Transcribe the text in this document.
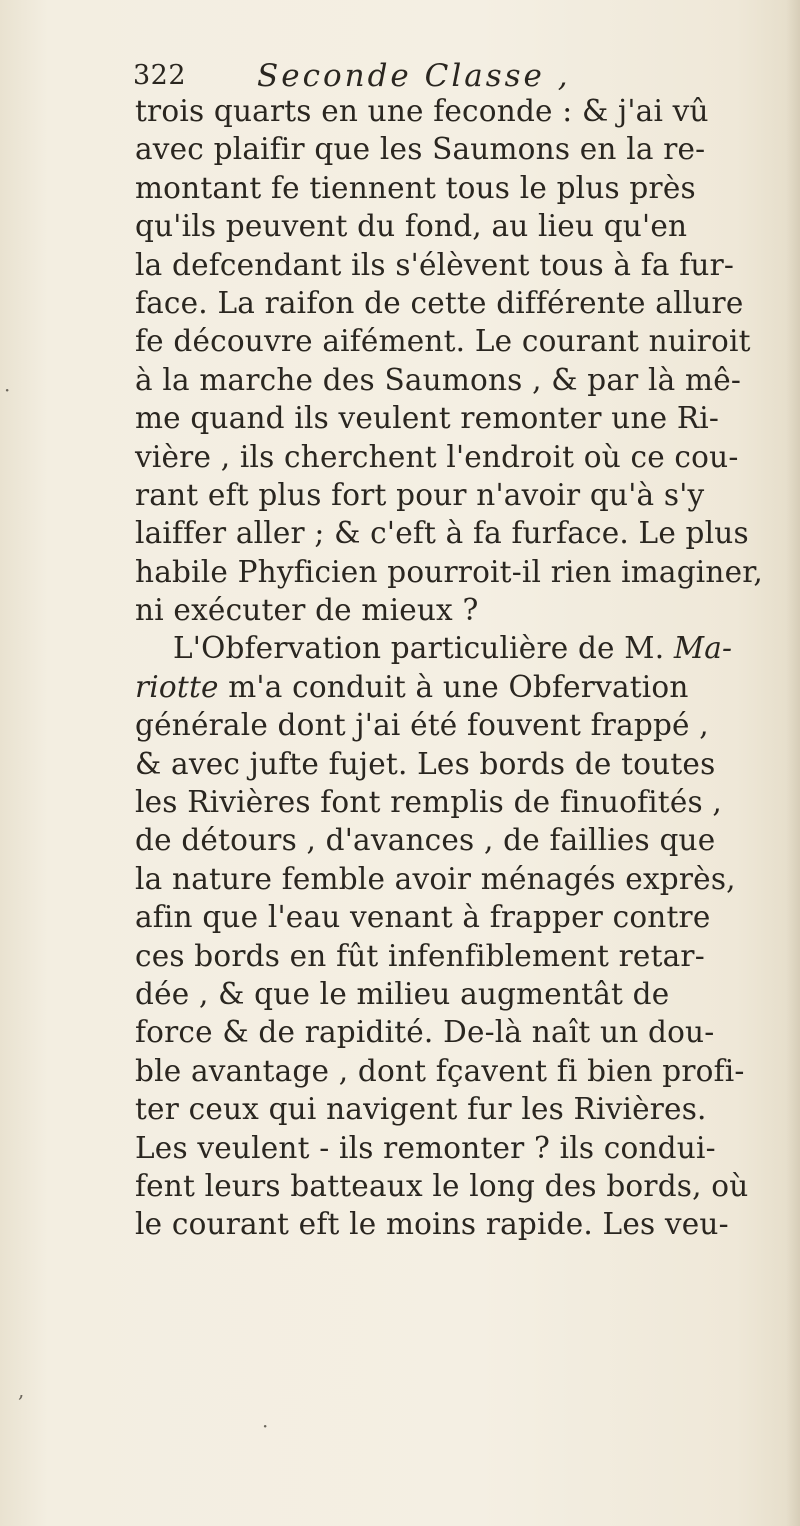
322 Seconde Classe ,
trois quarts en une feconde : & j'ai vû
avec plaifir que les Saumons en la re-
montant fe tiennent tous le plus près
qu'ils peuvent du fond, au lieu qu'en
la defcendant ils s'élèvent tous à fa fur-
face. La raifon de cette différente allure
fe découvre aifément. Le courant nuiroit
à la marche des Saumons , & par là mê-
me quand ils veulent remonter une Ri-
vière , ils cherchent l'endroit où ce cou-
rant eft plus fort pour n'avoir qu'à s'y
laiffer aller ; & c'eft à fa furface. Le plus
habile Phyficien pourroit-il rien imaginer,
ni exécuter de mieux ?
L'Obfervation particulière de M. Ma-
riotte m'a conduit à une Obfervation
générale dont j'ai été fouvent frappé ,
& avec jufte fujet. Les bords de toutes
les Rivières font remplis de finuofités ,
de détours , d'avances , de faillies que
la nature femble avoir ménagés exprès,
afin que l'eau venant à frapper contre
ces bords en fût infenfiblement retar-
dée , & que le milieu augmentât de
force & de rapidité. De-là naît un dou-
ble avantage , dont fçavent fi bien profi-
ter ceux qui navigent fur les Rivières.
Les veulent - ils remonter ? ils condui-
fent leurs batteaux le long des bords, où
le courant eft le moins rapide. Les veu-
·
,
·
